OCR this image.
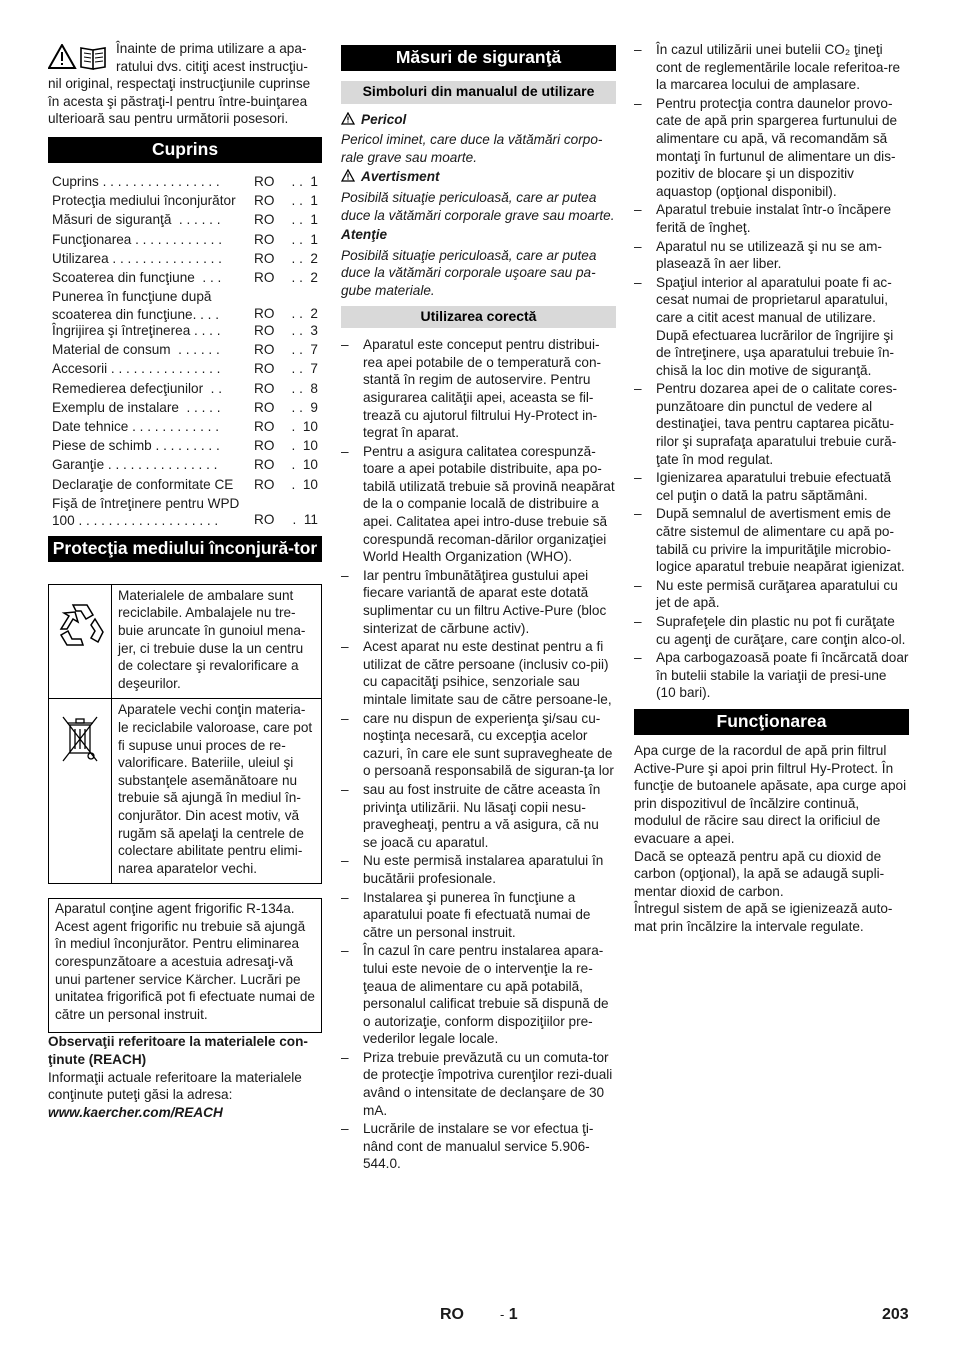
Înainte de prima utilizare a apa-

ratului dvs. citiţi acest instrucţiu-

nil original, respectaţi instrucţiunile cuprinse în acesta şi păstraţi-l pentru între-buinţarea ulterioară sau pentru următorii posesori.

Cuprins
Cuprins . . . . . . . . . . . . . . . .	RO	. .  1
Protecţia mediului înconjurător	RO	. .  1
Măsuri de siguranţă  . . . . . .	RO	. .  1
Funcţionarea . . . . . . . . . . . .	RO	. .  1
Utilizarea . . . . . . . . . . . . . . .	RO	. .  2
Scoaterea din funcţiune  . . .	RO	. .  2
Punerea în funcţiune după
scoaterea din funcţiune. . . .	RO	. .  2
Îngrijirea şi întreţinerea . . . .	RO	. .  3
Material de consum  . . . . . .	RO	. .  7
Accesorii . . . . . . . . . . . . . . .	RO	. .  7
Remedierea defecţiunilor  . .	RO	. .  8
Exemplu de instalare  . . . . .	RO	. .  9
Date tehnice . . . . . . . . . . . .	RO	.  10
Piese de schimb . . . . . . . . .	RO	.  10
Garanţie . . . . . . . . . . . . . . .	RO	.  10
Declaraţie de conformitate CE	RO	.  10
Fişă de întreţinere pentru WPD
100 . . . . . . . . . . . . . . . . . . .	RO	.  11
Protecţia mediului înconjură-tor
Materialele de ambalare sunt reciclabile. Ambalajele nu tre-buie aruncate în gunoiul mena-jer, ci trebuie duse la un centru de colectare şi revalorificare a deşeurilor.
Aparatele vechi conţin materia-le reciclabile valoroase, care pot fi supuse unui proces de re-valorificare. Bateriile, uleiul şi substanţele asemănătoare nu trebuie să ajungă în mediul în-conjurător. Din acest motiv, vă rugăm să apelaţi la centrele de colectare abilitate pentru elimi-narea aparatelor vechi.
Aparatul conţine agent frigorific R-134a. Acest agent frigorific nu trebuie să ajungă în mediul înconjurător. Pentru eliminarea corespunzătoare a acestuia adresaţi-vă unui partener service Kärcher. Lucrări pe unitatea frigorifică pot fi efectuate numai de către un personal instruit.

Observaţii referitoare la materialele con-ţinute (REACH)

Informaţii actuale referitoare la materialele conţinute puteţi găsi la adresa:

www.kaercher.com/REACH

Măsuri de siguranţă
Simboluri din manualul de utilizare

Pericol

Pericol iminet, care duce la vătămări corpo-rale grave sau moarte.

Avertisment

Posibilă situaţie periculoasă, care ar putea duce la vătămări corporale grave sau moarte.

Atenţie

Posibilă situaţie periculoasă, care ar putea duce la vătămări corporale uşoare sau pa-gube materiale.

Utilizarea corectă
– Aparatul este conceput pentru distribui-rea apei potabile de o temperatură con-stantă în regim de autoservire. Pentru asigurarea calităţii apei, aceasta se fil-trează cu ajutorul filtrului Hy-Protect in-tegrat în aparat.
– Pentru a asigura calitatea corespunză-toare a apei potabile distribuite, apa po-tabilă utilizată trebuie să provină neapărat de la o companie locală de distribuire a apei. Calitatea apei intro-duse trebuie să corespundă recoman-dărilor organizaţiei World Health Organization (WHO).
– Iar pentru îmbunătăţirea gustului apei fiecare variantă de aparat este dotată suplimentar cu un filtru Active-Pure (bloc sinterizat de cărbune activ).
– Acest aparat nu este destinat pentru a fi utilizat de către persoane (inclusiv co-pii) cu capacităţi psihice, senzoriale sau mintale limitate sau de către persoane-le,
– care nu dispun de experienţa şi/sau cu-noştinţa necesară, cu excepţia acelor cazuri, în care ele sunt supravegheate de o persoană responsabilă de siguran-ţa lor
– sau au fost instruite de către aceasta în privinţa utilizării. Nu lăsaţi copii nesu-pravegheaţi, pentru a vă asigura, că nu se joacă cu aparatul.
– Nu este permisă instalarea aparatului în bucătării profesionale.
– Instalarea şi punerea în funcţiune a aparatului poate fi efectuată numai de către un personal instruit.
– În cazul în care pentru instalarea apara-tului este nevoie de o intervenţie la re-ţeaua de alimentare cu apă potabilă, personalul calificat trebuie să dispună de o autorizaţie, conform dispoziţiilor pre-vederilor legale locale.
– Priza trebuie prevăzută cu un comuta-tor de protecţie împotriva curenţilor rezi-duali având o intensitate de declanşare de 30 mA.
– Lucrările de instalare se vor efectua ţi-nând cont de manualul service 5.906-544.0.
– În cazul utilizării unei butelii CO₂ ţineţi cont de reglementările locale referitoa-re la marcarea locului de amplasare.
– Pentru protecţia contra daunelor provo-cate de apă prin spargerea furtunului de alimentare cu apă, vă recomandăm să montaţi în furtunul de alimentare un dis-pozitiv de blocare şi un dispozitiv aquastop (opţional disponibil).
– Aparatul trebuie instalat într-o încăpere ferită de îngheţ.
– Aparatul nu se utilizează şi nu se am-plasează în aer liber.
– Spaţiul interior al aparatului poate fi ac-cesat numai de proprietarul aparatului, care a citit acest manual de utilizare. După efectuarea lucrărilor de îngrijire şi de întreţinere, uşa aparatului trebuie în-chisă la loc din motive de siguranţă.
– Pentru dozarea apei de o calitate cores-punzătoare din punctul de vedere al destinaţiei, tava pentru captarea picătu-rilor şi suprafaţa aparatului trebuie cură-ţate în mod regulat.
– Igienizarea aparatului trebuie efectuată cel puţin o dată la patru săptămâni.
– După semnalul de avertisment emis de către sistemul de alimentare cu apă po-tabilă cu privire la impurităţile microbio-logice aparatul trebuie neapărat igienizat.
– Nu este permisă curăţarea aparatului cu jet de apă.
– Suprafeţele din plastic nu pot fi curăţate cu agenţi de curăţare, care conţin alco-ol.
– Apa carbogazoasă poate fi încărcată doar în butelii stabile la variaţii de presi-une (10 bari).
Funcţionarea

Apa curge de la racordul de apă prin filtrul Active-Pure şi apoi prin filtrul Hy-Protect. În funcţie de butoanele apăsate, apa curge apoi prin dispozitivul de încălzire continuă, modulul de răcire sau direct la orificiul de evacuare a apei.

Dacă se optează pentru apă cu dioxid de carbon (opţional), la apă se adaugă supli-mentar dioxid de carbon.

Întregul sistem de apă se igienizează auto-mat prin încălzire la intervale regulate.

RO	- 1	203
